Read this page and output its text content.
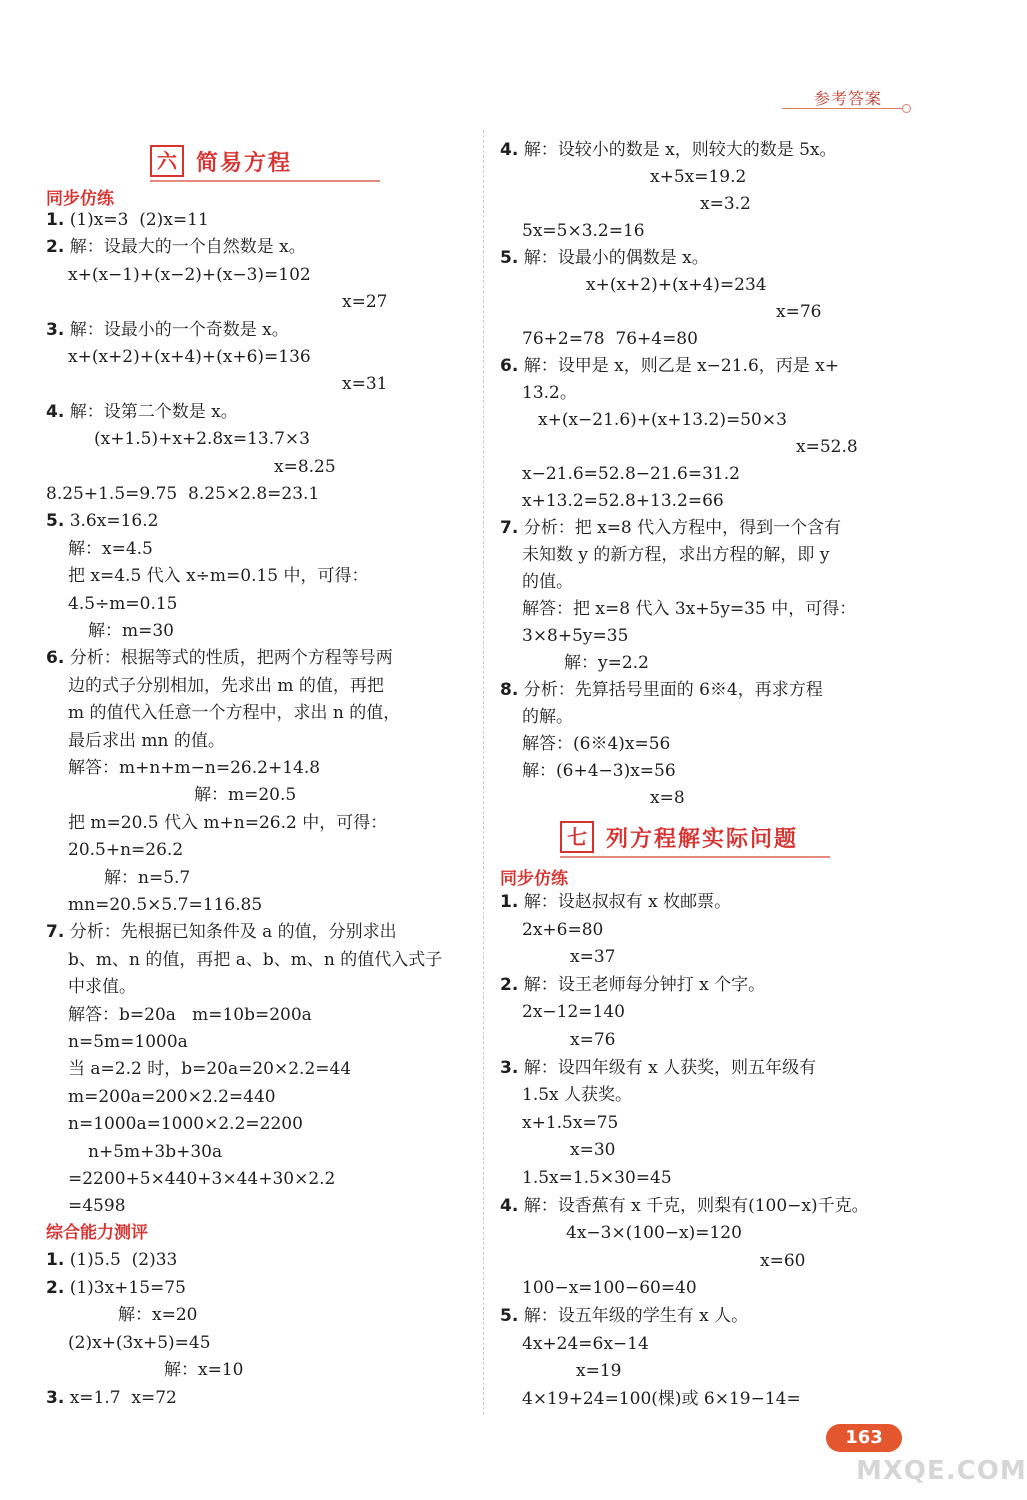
参考答案
六 简易方程
同步仿练
1. (1)x=3  (2)x=11
2. 解：设最大的一个自然数是 x。
x+(x−1)+(x−2)+(x−3)=102
x=27
3. 解：设最小的一个奇数是 x。
x+(x+2)+(x+4)+(x+6)=136
x=31
4. 解：设第二个数是 x。
(x+1.5)+x+2.8x=13.7×3
x=8.25
8.25+1.5=9.75  8.25×2.8=23.1
5. 3.6x=16.2
解：x=4.5
把 x=4.5 代入 x÷m=0.15 中，可得：
4.5÷m=0.15
解：m=30
6. 分析：根据等式的性质，把两个方程等号两
边的式子分别相加，先求出 m 的值，再把
m 的值代入任意一个方程中，求出 n 的值，
最后求出 mn 的值。
解答：m+n+m−n=26.2+14.8
解：m=20.5
把 m=20.5 代入 m+n=26.2 中，可得：
20.5+n=26.2
解：n=5.7
mn=20.5×5.7=116.85
7. 分析：先根据已知条件及 a 的值，分别求出
b、m、n 的值，再把 a、b、m、n 的值代入式子
中求值。
解答：b=20a   m=10b=200a
n=5m=1000a
当 a=2.2 时，b=20a=20×2.2=44
m=200a=200×2.2=440
n=1000a=1000×2.2=2200
n+5m+3b+30a
=2200+5×440+3×44+30×2.2
=4598
综合能力测评
1. (1)5.5  (2)33
2. (1)3x+15=75
解：x=20
(2)x+(3x+5)=45
解：x=10
3. x=1.7  x=72
4. 解：设较小的数是 x，则较大的数是 5x。
x+5x=19.2
x=3.2
5x=5×3.2=16
5. 解：设最小的偶数是 x。
x+(x+2)+(x+4)=234
x=76
76+2=78  76+4=80
6. 解：设甲是 x，则乙是 x−21.6，丙是 x+
13.2。
x+(x−21.6)+(x+13.2)=50×3
x=52.8
x−21.6=52.8−21.6=31.2
x+13.2=52.8+13.2=66
7. 分析：把 x=8 代入方程中，得到一个含有
未知数 y 的新方程，求出方程的解，即 y
的值。
解答：把 x=8 代入 3x+5y=35 中，可得：
3×8+5y=35
解：y=2.2
8. 分析：先算括号里面的 6※4，再求方程
的解。
解答：(6※4)x=56
解：(6+4−3)x=56
x=8
七 列方程解实际问题
同步仿练
1. 解：设赵叔叔有 x 枚邮票。
2x+6=80
x=37
2. 解：设王老师每分钟打 x 个字。
2x−12=140
x=76
3. 解：设四年级有 x 人获奖，则五年级有
1.5x 人获奖。
x+1.5x=75
x=30
1.5x=1.5×30=45
4. 解：设香蕉有 x 千克，则梨有(100−x)千克。
4x−3×(100−x)=120
x=60
100−x=100−60=40
5. 解：设五年级的学生有 x 人。
4x+24=6x−14
x=19
4×19+24=100(棵)或 6×19−14=
163
MXQE.COM
